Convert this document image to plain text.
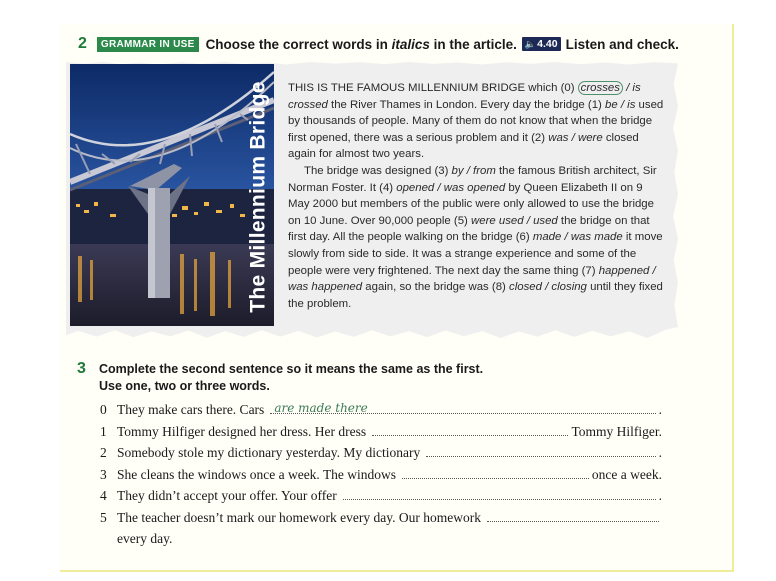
2	GRAMMAR IN USE Choose the correct words in italics in the article. 🔈 4.40 Listen and check.
The Millennium Bridge THIS IS THE FAMOUS MILLENNIUM BRIDGE which (0) crosses / is crossed the River Thames in London. Every day the bridge (1) be / is used by thousands of people. Many of them do not know that when the bridge first opened, there was a serious problem and it (2) was / were closed again for almost two years.

The bridge was designed (3) by / from the famous British architect, Sir Norman Foster. It (4) opened / was opened by Queen Elizabeth II on 9 May 2000 but members of the public were only allowed to use the bridge on 10 June. Over 90,000 people (5) were used / used the bridge on that first day. All the people walking on the bridge (6) made / was made it move slowly from side to side. It was a strange experience and some of the people were very frightened. The next day the same thing (7) happened / was happened again, so the bridge was (8) closed / closing until they fixed the problem.

3 Complete the second sentence so it means the same as the first.
Use one, two or three words.
0 They make cars there. Cars are made there	.
1 Tommy Hilfiger designed her dress. Her dress	Tommy Hilfiger.
2 Somebody stole my dictionary yesterday. My dictionary	.
3 She cleans the windows once a week. The windows	once a week.
4 They didn’t accept your offer. Your offer	.
5 The teacher doesn’t mark our homework every day. Our homework
every day.
